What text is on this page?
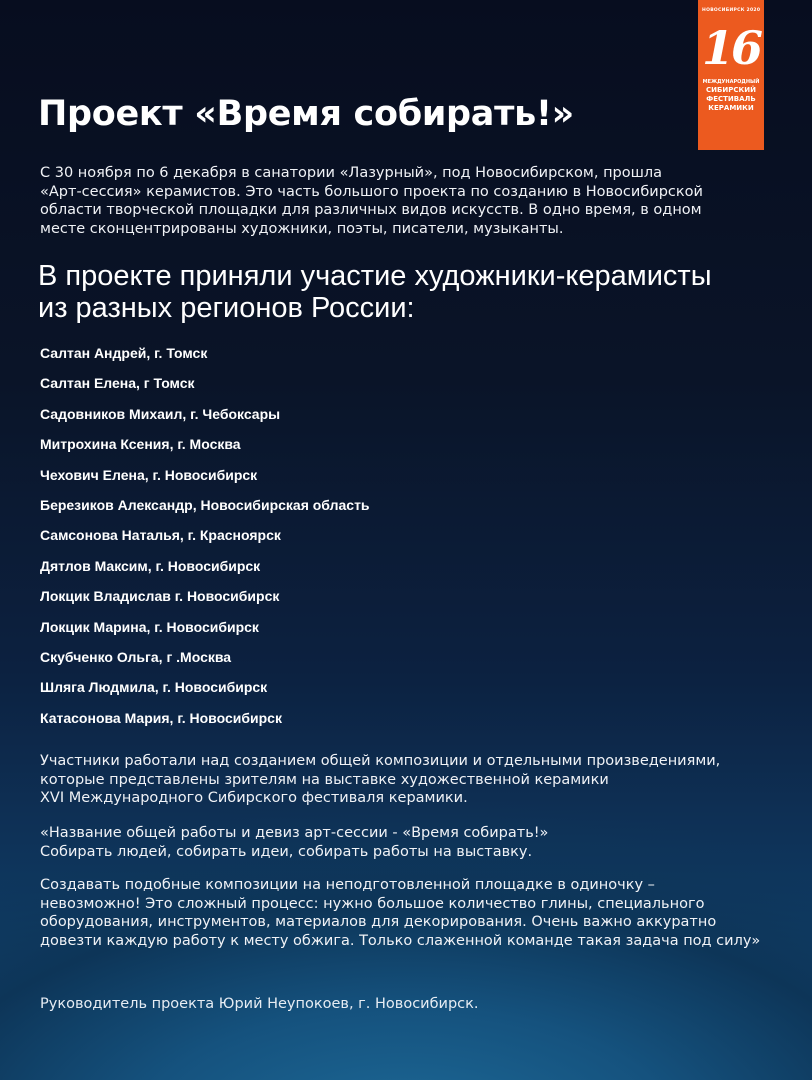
НОВОСИБИРСК 2020
16
МЕЖДУНАРОДНЫЙ
СИБИРСКИЙ
ФЕСТИВАЛЬ
КЕРАМИКИ
Проект «Время собирать!»

С 30 ноября по 6 декабря в санатории «Лазурный», под Новосибирском, прошла
«Арт-сессия» керамистов. Это часть большого проекта по созданию в Новосибирской
области творческой площадки для различных видов искусств. В одно время, в одном
месте сконцентрированы художники, поэты, писатели, музыканты.

В проекте приняли участие художники-керамисты
из разных регионов России:
Салтан Андрей, г. Томск
Салтан Елена, г Томск
Садовников Михаил, г. Чебоксары
Митрохина Ксения, г. Москва
Чехович Елена, г. Новосибирск
Березиков Александр, Новосибирская область
Самсонова Наталья, г. Красноярск
Дятлов Максим, г. Новосибирск
Локцик Владислав г. Новосибирск
Локцик Марина, г. Новосибирск
Скубченко Ольга, г .Москва
Шляга Людмила, г. Новосибирск
Катасонова Мария, г. Новосибирск

Участники работали над созданием общей композиции и отдельными произведениями,
которые представлены зрителям на выставке художественной керамики
XVI Международного Сибирского фестиваля керамики.

«Название общей работы и девиз арт-сессии - «Время собирать!»
Собирать людей, собирать идеи, собирать работы на выставку.

Создавать подобные композиции на неподготовленной площадке в одиночку –
невозможно! Это сложный процесс: нужно большое количество глины, специального
оборудования, инструментов, материалов для декорирования. Очень важно аккуратно
довезти каждую работу к месту обжига. Только слаженной команде такая задача под силу»

Руководитель проекта Юрий Неупокоев, г. Новосибирск.
